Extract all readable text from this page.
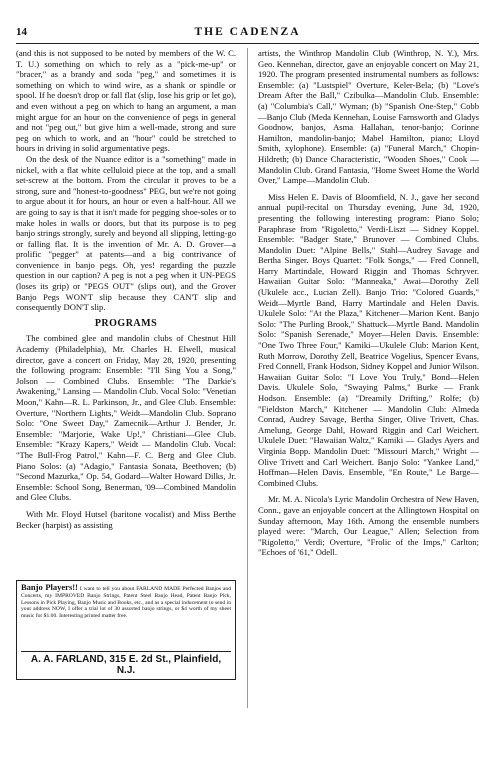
14	THE CADENZA

(and this is not supposed to be noted by members of the W. C. T. U.) something on which to rely as a "pick-me-up" or "bracer," as a brandy and soda "peg," and sometimes it is something on which to wind wire, as a shank or spindle or spool. If he doesn't drop or fall flat (slip, lose his grip or let go), and even without a peg on which to hang an argument, a man might argue for an hour on the convenience of pegs in general and not "peg out," but give him a well-made, strong and sure peg on which to work, and an "hour" could be stretched to hours in driving in solid argumentative pegs.

On the desk of the Nuance editor is a "something" made in nickel, with a flat white celluloid piece at the top, and a small set-screw at the bottom. From the circular it proves to be a strong, sure and "honest-to-goodness" PEG, but we're not going to argue about it for hours, an hour or even a half-hour. All we are going to say is that it isn't made for pegging shoe-soles or to make holes in walls or doors, but that its purpose is to peg banjo strings strongly, surely and beyond all slipping, letting-go or falling flat. It is the invention of Mr. A. D. Grover—a prolific "pegger" at patents—and a big contrivance of convenience in banjo pegs. Oh, yes! regarding the puzzle question in our caption? A peg is not a peg when it UN-PEGS (loses its grip) or "PEGS OUT" (slips out), and the Grover Banjo Pegs WON'T slip because they CAN'T slip and consequently DON'T slip.

PROGRAMS

The combined glee and mandolin clubs of Chestnut Hill Academy (Philadelphia), Mr. Charles H. Elwell, musical director, gave a concert on Friday, May 28, 1920, presenting the following program: Ensemble: "I'll Sing You a Song," Jolson — Combined Clubs. Ensemble: "The Darkie's Awakening," Lansing — Mandolin Club. Vocal Solo: "Venetian Moon," Kahn—R. L. Parkinson, Jr., and Glee Club. Ensemble: Overture, "Northern Lights," Weidt—Mandolin Club. Soprano Solo: "One Sweet Day," Zamecnik—Arthur J. Bender, Jr. Ensemble: "Marjorie, Wake Up!," Christiani—Glee Club. Ensemble: "Krazy Kapers," Weidt — Mandolin Club. Vocal: "The Bull-Frog Patrol," Kahn—F. C. Berg and Glee Club. Piano Solos: (a) "Adagio," Fantasia Sonata, Beethoven; (b) "Second Mazurka," Op. 54, Godard—Walter Howard Dilks, Jr. Ensemble: School Song, Benerman, '09—Combined Mandolin and Glee Clubs.

With Mr. Floyd Hutsel (baritone vocalist) and Miss Berthe Becker (harpist) as assisting

Banjo Players!! I want to tell you about FARLAND MADE Perfected Banjos and Concerts, my IMPROVED Banjo Strings, Patent Steel Banjo Head, Patent Banjo Pick, Lessons in Pick Playing, Banjo Music and Books, etc., and as a special inducement to send in your address NOW, I offer a trial lot of 30 assorted banjo strings, or $4 worth of my sheet music for $1.00. Interesting printed matter free.
A. A. FARLAND, 315 E. 2d St., Plainfield, N.J.

artists, the Winthrop Mandolin Club (Winthrop, N. Y.), Mrs. Geo. Kennehan, director, gave an enjoyable concert on May 21, 1920. The program presented instrumental numbers as follows: Ensemble: (a) "Lustspiel" Overture, Keler-Bela; (b) "Love's Dream After the Ball," Czibulka—Mandolin Club. Ensemble: (a) "Columbia's Call," Wyman; (b) "Spanish One-Step," Cobb—Banjo Club (Meda Kennehan, Louise Farnsworth and Gladys Goodnow, banjos, Asma Hallahan, tenor-banjo; Corinne Hamilton, mandolin-banjo; Mabel Hamilton, piano; Lloyd Smith, xylophone). Ensemble: (a) "Funeral March," Chopin-Hildreth; (b) Dance Characteristic, "Wooden Shoes," Cook — Mandolin Club. Grand Fantasia, "Home Sweet Home the World Over," Lampe—Mandolin Club.

Miss Helen E. Davis of Bloomfield, N. J., gave her second annual pupil-recital on Thursday evening, June 3d, 1920, presenting the following interesting program: Piano Solo; Paraphrase from "Rigoletto," Verdi-Liszt — Sidney Koppel. Ensemble: "Badger State," Brunover — Combined Clubs. Mandolin Duet: "Alpine Bells," Stahl—Audrey Savage and Bertha Singer. Boys Quartet: "Folk Songs," — Fred Connell, Harry Martindale, Howard Riggin and Thomas Schryver. Hawaiian Guitar Solo: "Manneaka," Awai—Dorothy Zell (Ukulele acc., Lucian Zell). Banjo Trio: "Colored Guards," Weidt—Myrtle Band, Harry Martindale and Helen Davis. Ukulele Solo: "At the Plaza," Kitchener—Marion Kent. Banjo Solo: "The Purling Brook," Shattuck—Myrtle Band. Mandolin Solo: "Spanish Serenade," Moyer—Helen Davis. Ensemble: "One Two Three Four," Kamiki—Ukulele Club: Marion Kent, Ruth Morrow, Dorothy Zell, Beatrice Vogelius, Spencer Evans, Fred Connell, Frank Hodson, Sidney Koppel and Junior Wilson. Hawaiian Guitar Solo: "I Love You Truly," Bond—Helen Davis. Ukulele Solo, "Swaying Palms," Burke — Frank Hodson. Ensemble: (a) "Dreamily Drifting," Rolfe; (b) "Fieldston March," Kitchener — Mandolin Club: Almeda Conrad, Audrey Savage, Bertha Singer, Olive Trivett, Chas. Amelung, George Dahl, Howard Riggin and Carl Weichert. Ukulele Duet: "Hawaiian Waltz," Kamiki — Gladys Ayers and Virginia Bopp. Mandolin Duet: "Missouri March," Wright — Olive Trivett and Carl Weichert. Banjo Solo: "Yankee Land," Hoffman—Helen Davis. Ensemble, "En Route," Le Barge—Combined Clubs.

Mr. M. A. Nicola's Lyric Mandolin Orchestra of New Haven, Conn., gave an enjoyable concert at the Allingtown Hospital on Sunday afternoon, May 16th. Among the ensemble numbers played were: "March, Our League," Allen; Selection from "Rigoletto," Verdi; Overture, "Frolic of the Imps," Carlton; "Echoes of '61," Odell.
